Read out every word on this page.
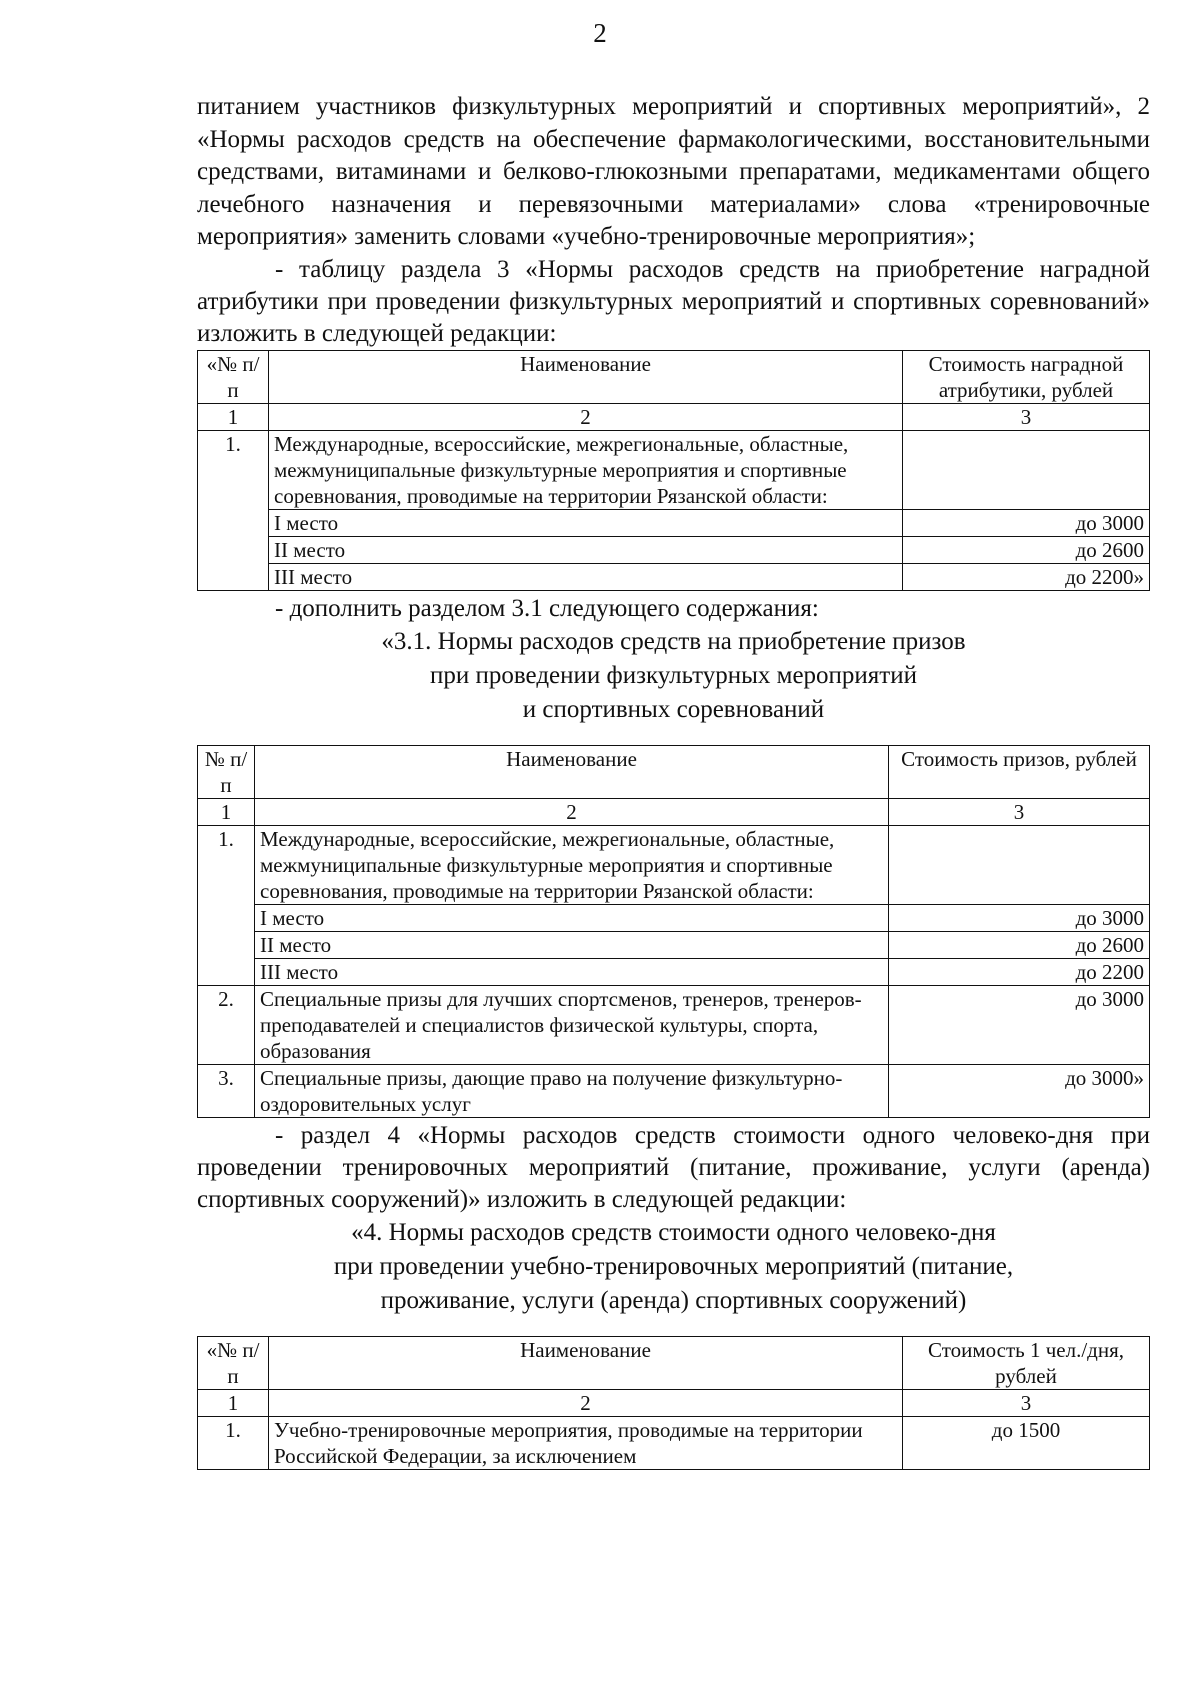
2

питанием участников физкультурных мероприятий и спортивных мероприятий», 2 «Нормы расходов средств на обеспечение фармакологическими, восстановительными средствами, витаминами и белково-глюкозными препаратами, медикаментами общего лечебного назначения и перевязочными материалами» слова «тренировочные мероприятия» заменить словами «учебно-тренировочные мероприятия»;

- таблицу раздела 3 «Нормы расходов средств на приобретение наградной атрибутики при проведении физкультурных мероприятий и спортивных соревнований» изложить в следующей редакции:

«№ п/п	Наименование	Стоимость наградной атрибутики, рублей
1	2	3
1.	Международные, всероссийские, межрегиональные, областные, межмуниципальные физкультурные мероприятия и спортивные соревнования, проводимые на территории Рязанской области:	
	I место	до 3000
	II место	до 2600
	III место	до 2200»

- дополнить разделом 3.1 следующего содержания:

«3.1. Нормы расходов средств на приобретение призов
при проведении физкультурных мероприятий
и спортивных соревнований

№ п/п	Наименование	Стоимость призов, рублей
1	2	3
1.	Международные, всероссийские, межрегиональные, областные, межмуниципальные физкультурные мероприятия и спортивные соревнования, проводимые на территории Рязанской области:	
	I место	до 3000
	II место	до 2600
	III место	до 2200
2.	Специальные призы для лучших спортсменов, тренеров, тренеров-преподавателей и специалистов физической культуры, спорта, образования	до 3000
3.	Специальные призы, дающие право на получение физкультурно-оздоровительных услуг	до 3000»

- раздел 4 «Нормы расходов средств стоимости одного человеко-дня при проведении тренировочных мероприятий (питание, проживание, услуги (аренда) спортивных сооружений)» изложить в следующей редакции:

«4. Нормы расходов средств стоимости одного человеко-дня
при проведении учебно-тренировочных мероприятий (питание,
проживание, услуги (аренда) спортивных сооружений)

«№ п/п	Наименование	Стоимость 1 чел./дня, рублей
1	2	3
1.	Учебно-тренировочные мероприятия, проводимые на территории Российской Федерации, за исключением	до 1500
